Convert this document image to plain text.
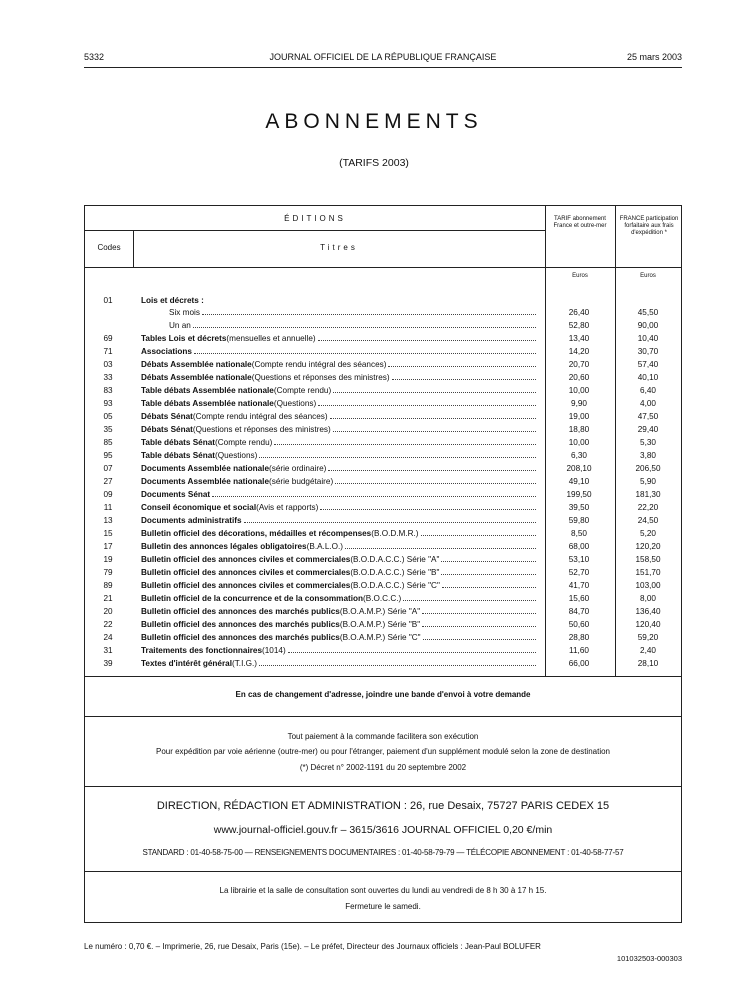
5332	JOURNAL OFFICIEL DE LA RÉPUBLIQUE FRANÇAISE	25 mars 2003
ABONNEMENTS
(TARIFS 2003)
ÉDITIONS
Codes	Titres
TARIF abonnement France et outre-mer
FRANCE participation forfaitaire aux frais d'expédition *
Euros	Euros
01	Lois et décrets :
Six mois	26,40	45,50
Un an	52,80	90,00
69	Tables Lois et décrets (mensuelles et annuelle)	13,40	10,40
71	Associations	14,20	30,70
03	Débats Assemblée nationale (Compte rendu intégral des séances)	20,70	57,40
33	Débats Assemblée nationale (Questions et réponses des ministres)	20,60	40,10
83	Table débats Assemblée nationale (Compte rendu)	10,00	6,40
93	Table débats Assemblée nationale (Questions)	9,90	4,00
05	Débats Sénat (Compte rendu intégral des séances)	19,00	47,50
35	Débats Sénat (Questions et réponses des ministres)	18,80	29,40
85	Table débats Sénat (Compte rendu)	10,00	5,30
95	Table débats Sénat (Questions)	6,30	3,80
07	Documents Assemblée nationale (série ordinaire)	208,10	206,50
27	Documents Assemblée nationale (série budgétaire)	49,10	5,90
09	Documents Sénat	199,50	181,30
11	Conseil économique et social (Avis et rapports)	39,50	22,20
13	Documents administratifs	59,80	24,50
15	Bulletin officiel des décorations, médailles et récompenses (B.O.D.M.R.)	8,50	5,20
17	Bulletin des annonces légales obligatoires (B.A.L.O.)	68,00	120,20
19	Bulletin officiel des annonces civiles et commerciales (B.O.D.A.C.C.) Série "A"	53,10	158,50
79	Bulletin officiel des annonces civiles et commerciales (B.O.D.A.C.C.) Série "B"	52,70	151,70
89	Bulletin officiel des annonces civiles et commerciales (B.O.D.A.C.C.) Série "C"	41,70	103,00
21	Bulletin officiel de la concurrence et de la consommation (B.O.C.C.)	15,60	8,00
20	Bulletin officiel des annonces des marchés publics (B.O.A.M.P.) Série "A"	84,70	136,40
22	Bulletin officiel des annonces des marchés publics (B.O.A.M.P.) Série "B"	50,60	120,40
24	Bulletin officiel des annonces des marchés publics (B.O.A.M.P.) Série "C"	28,80	59,20
31	Traitements des fonctionnaires (1014)	11,60	2,40
39	Textes d'intérêt général (T.I.G.)	66,00	28,10
En cas de changement d'adresse, joindre une bande d'envoi à votre demande
Tout paiement à la commande facilitera son exécution
Pour expédition par voie aérienne (outre-mer) ou pour l'étranger, paiement d'un supplément modulé selon la zone de destination
(*) Décret n° 2002-1191 du 20 septembre 2002
DIRECTION, RÉDACTION ET ADMINISTRATION : 26, rue Desaix, 75727 PARIS CEDEX 15
www.journal-officiel.gouv.fr – 3615/3616 JOURNAL OFFICIEL 0,20 €/min
STANDARD : 01-40-58-75-00 — RENSEIGNEMENTS DOCUMENTAIRES : 01-40-58-79-79 — TÉLÉCOPIE ABONNEMENT : 01-40-58-77-57
La librairie et la salle de consultation sont ouvertes du lundi au vendredi de 8 h 30 à 17 h 15.
Fermeture le samedi.
Le numéro : 0,70 €. – Imprimerie, 26, rue Desaix, Paris (15e). – Le préfet, Directeur des Journaux officiels : Jean-Paul BOLUFER
101032503-000303
